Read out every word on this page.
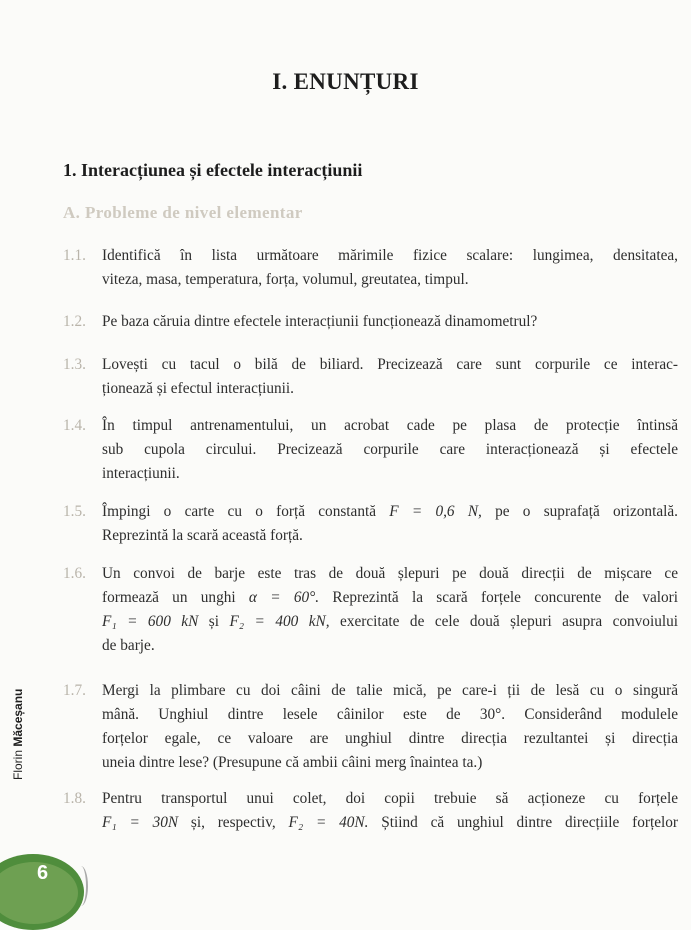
I. ENUNȚURI
1. Interacțiunea și efectele interacțiunii
A. Probleme de nivel elementar
1.1. Identifică în lista următoare mărimile fizice scalare: lungimea, densitatea,
viteza, masa, temperatura, forța, volumul, greutatea, timpul.
1.2. Pe baza căruia dintre efectele interacțiunii funcționează dinamometrul?
1.3. Lovești cu tacul o bilă de biliard. Precizează care sunt corpurile ce interac-
ționează și efectul interacțiunii.
1.4. În timpul antrenamentului, un acrobat cade pe plasa de protecție întinsă
sub cupola circului. Precizează corpurile care interacționează și efectele
interacțiunii.
1.5. Împingi o carte cu o forță constantă F = 0,6 N, pe o suprafață orizontală.
Reprezintă la scară această forță.
1.6. Un convoi de barje este tras de două șlepuri pe două direcții de mișcare ce
formează un unghi α = 60°. Reprezintă la scară forțele concurente de valori
F₁ = 600 kN și F₂ = 400 kN, exercitate de cele două șlepuri asupra convoiului
de barje.
1.7. Mergi la plimbare cu doi câini de talie mică, pe care-i ții de lesă cu o singură
mână. Unghiul dintre lesele câinilor este de 30°. Considerând modulele
forțelor egale, ce valoare are unghiul dintre direcția rezultantei și direcția
uneia dintre lese? (Presupune că ambii câini merg înaintea ta.)
1.8. Pentru transportul unui colet, doi copii trebuie să acționeze cu forțele
F₁ = 30N și, respectiv, F₂ = 40N. Știind că unghiul dintre direcțiile forțelor
Florin Măceșanu
6
